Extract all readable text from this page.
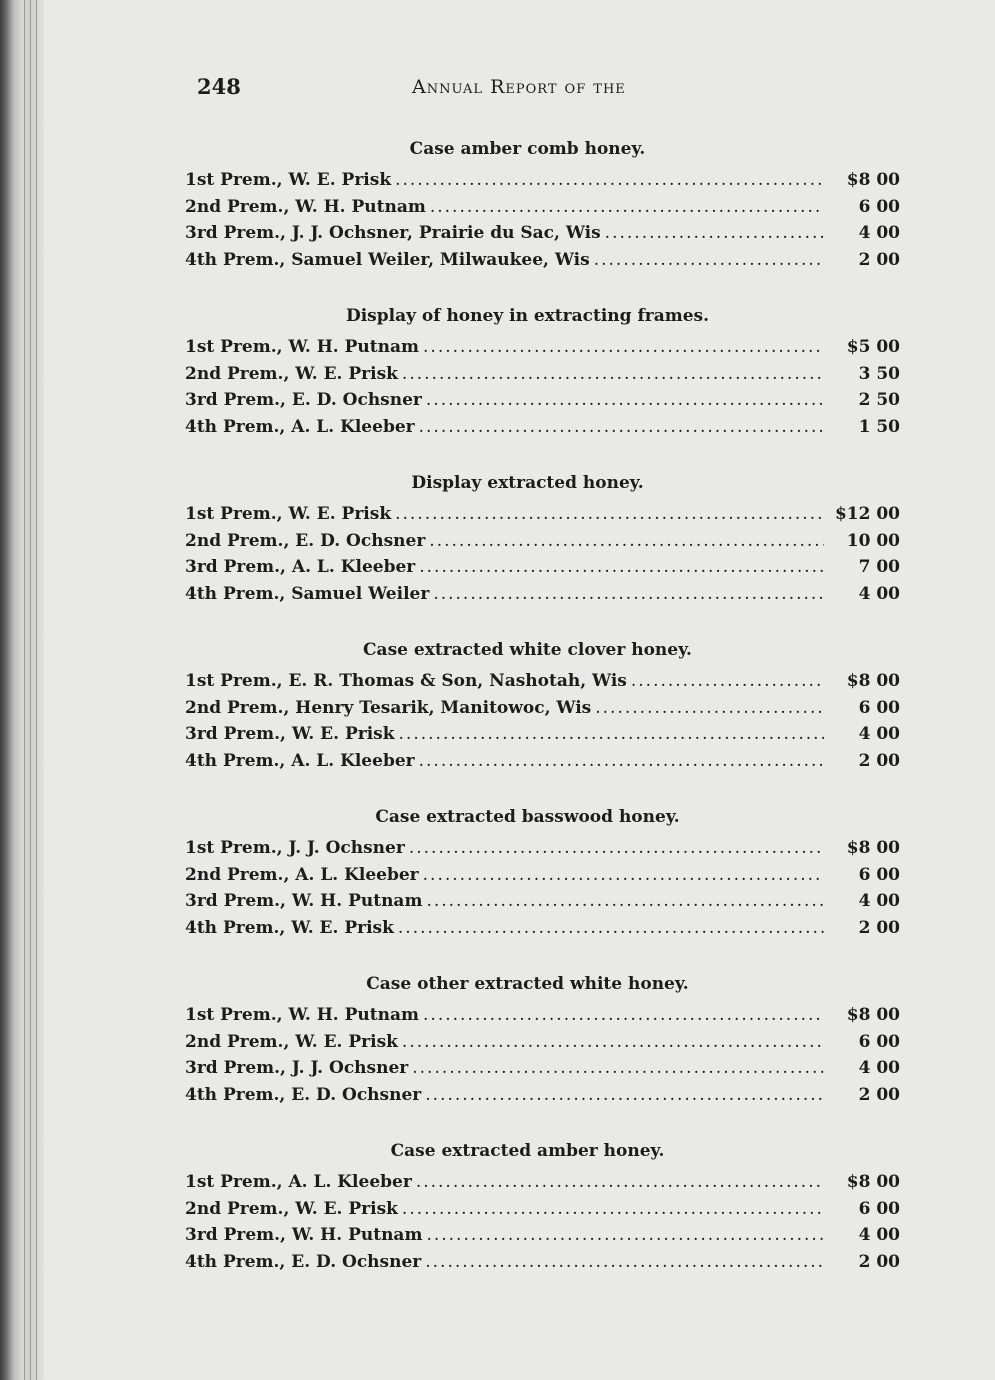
248	Annual Report of the
Case amber comb honey.
1st Prem., W. E. Prisk .....	$8 00
2nd Prem., W. H. Putnam .....	6 00
3rd Prem., J. J. Ochsner, Prairie du Sac, Wis .....	4 00
4th Prem., Samuel Weiler, Milwaukee, Wis .....	2 00
Display of honey in extracting frames.
1st Prem., W. H. Putnam .....	$5 00
2nd Prem., W. E. Prisk .....	3 50
3rd Prem., E. D. Ochsner .....	2 50
4th Prem., A. L. Kleeber .....	1 50
Display extracted honey.
1st Prem., W. E. Prisk .....	$12 00
2nd Prem., E. D. Ochsner .....	10 00
3rd Prem., A. L. Kleeber .....	7 00
4th Prem., Samuel Weiler .....	4 00
Case extracted white clover honey.
1st Prem., E. R. Thomas & Son, Nashotah, Wis .....	$8 00
2nd Prem., Henry Tesarik, Manitowoc, Wis .....	6 00
3rd Prem., W. E. Prisk .....	4 00
4th Prem., A. L. Kleeber .....	2 00
Case extracted basswood honey.
1st Prem., J. J. Ochsner .....	$8 00
2nd Prem., A. L. Kleeber .....	6 00
3rd Prem., W. H. Putnam .....	4 00
4th Prem., W. E. Prisk .....	2 00
Case other extracted white honey.
1st Prem., W. H. Putnam .....	$8 00
2nd Prem., W. E. Prisk .....	6 00
3rd Prem., J. J. Ochsner .....	4 00
4th Prem., E. D. Ochsner .....	2 00
Case extracted amber honey.
1st Prem., A. L. Kleeber .....	$8 00
2nd Prem., W. E. Prisk .....	6 00
3rd Prem., W. H. Putnam .....	4 00
4th Prem., E. D. Ochsner .....	2 00
